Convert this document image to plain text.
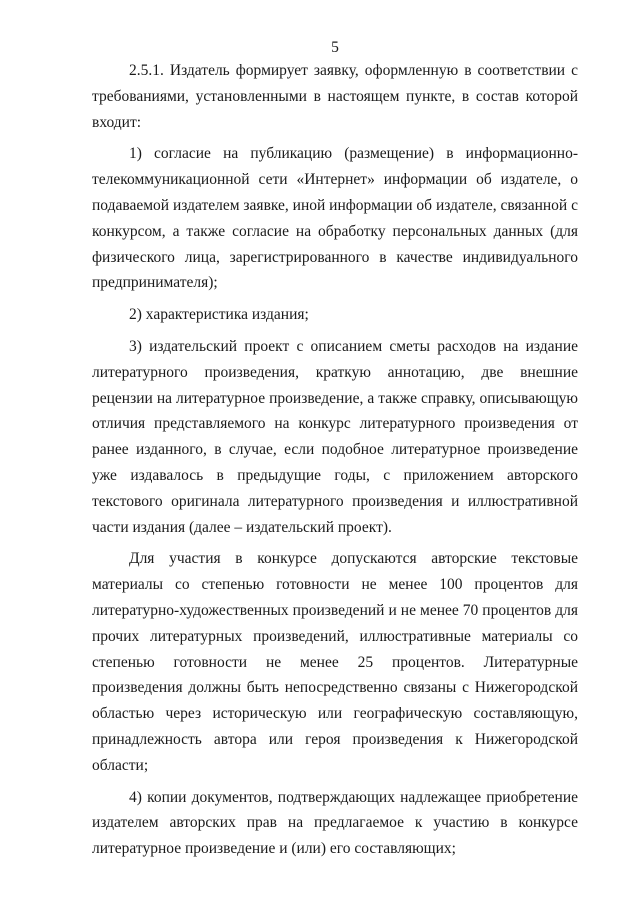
5

2.5.1. Издатель формирует заявку, оформленную в соответствии с требованиями, установленными в настоящем пункте, в состав которой входит:

1) согласие на публикацию (размещение) в информационно-телекоммуникационной сети «Интернет» информации об издателе, о подаваемой издателем заявке, иной информации об издателе, связанной с конкурсом, а также согласие на обработку персональных данных (для физического лица, зарегистрированного в качестве индивидуального предпринимателя);

2) характеристика издания;

3) издательский проект с описанием сметы расходов на издание литературного произведения, краткую аннотацию, две внешние рецензии на литературное произведение, а также справку, описывающую отличия представляемого на конкурс литературного произведения от ранее изданного, в случае, если подобное литературное произведение уже издавалось в предыдущие годы, с приложением авторского текстового оригинала литературного произведения и иллюстративной части издания (далее – издательский проект).

Для участия в конкурсе допускаются авторские текстовые материалы со степенью готовности не менее 100 процентов для литературно-художественных произведений и не менее 70 процентов для прочих литературных произведений, иллюстративные материалы со степенью готовности не менее 25 процентов. Литературные произведения должны быть непосредственно связаны с Нижегородской областью через историческую или географическую составляющую, принадлежность автора или героя произведения к Нижегородской области;

4) копии документов, подтверждающих надлежащее приобретение издателем авторских прав на предлагаемое к участию в конкурсе литературное произведение и (или) его составляющих;
